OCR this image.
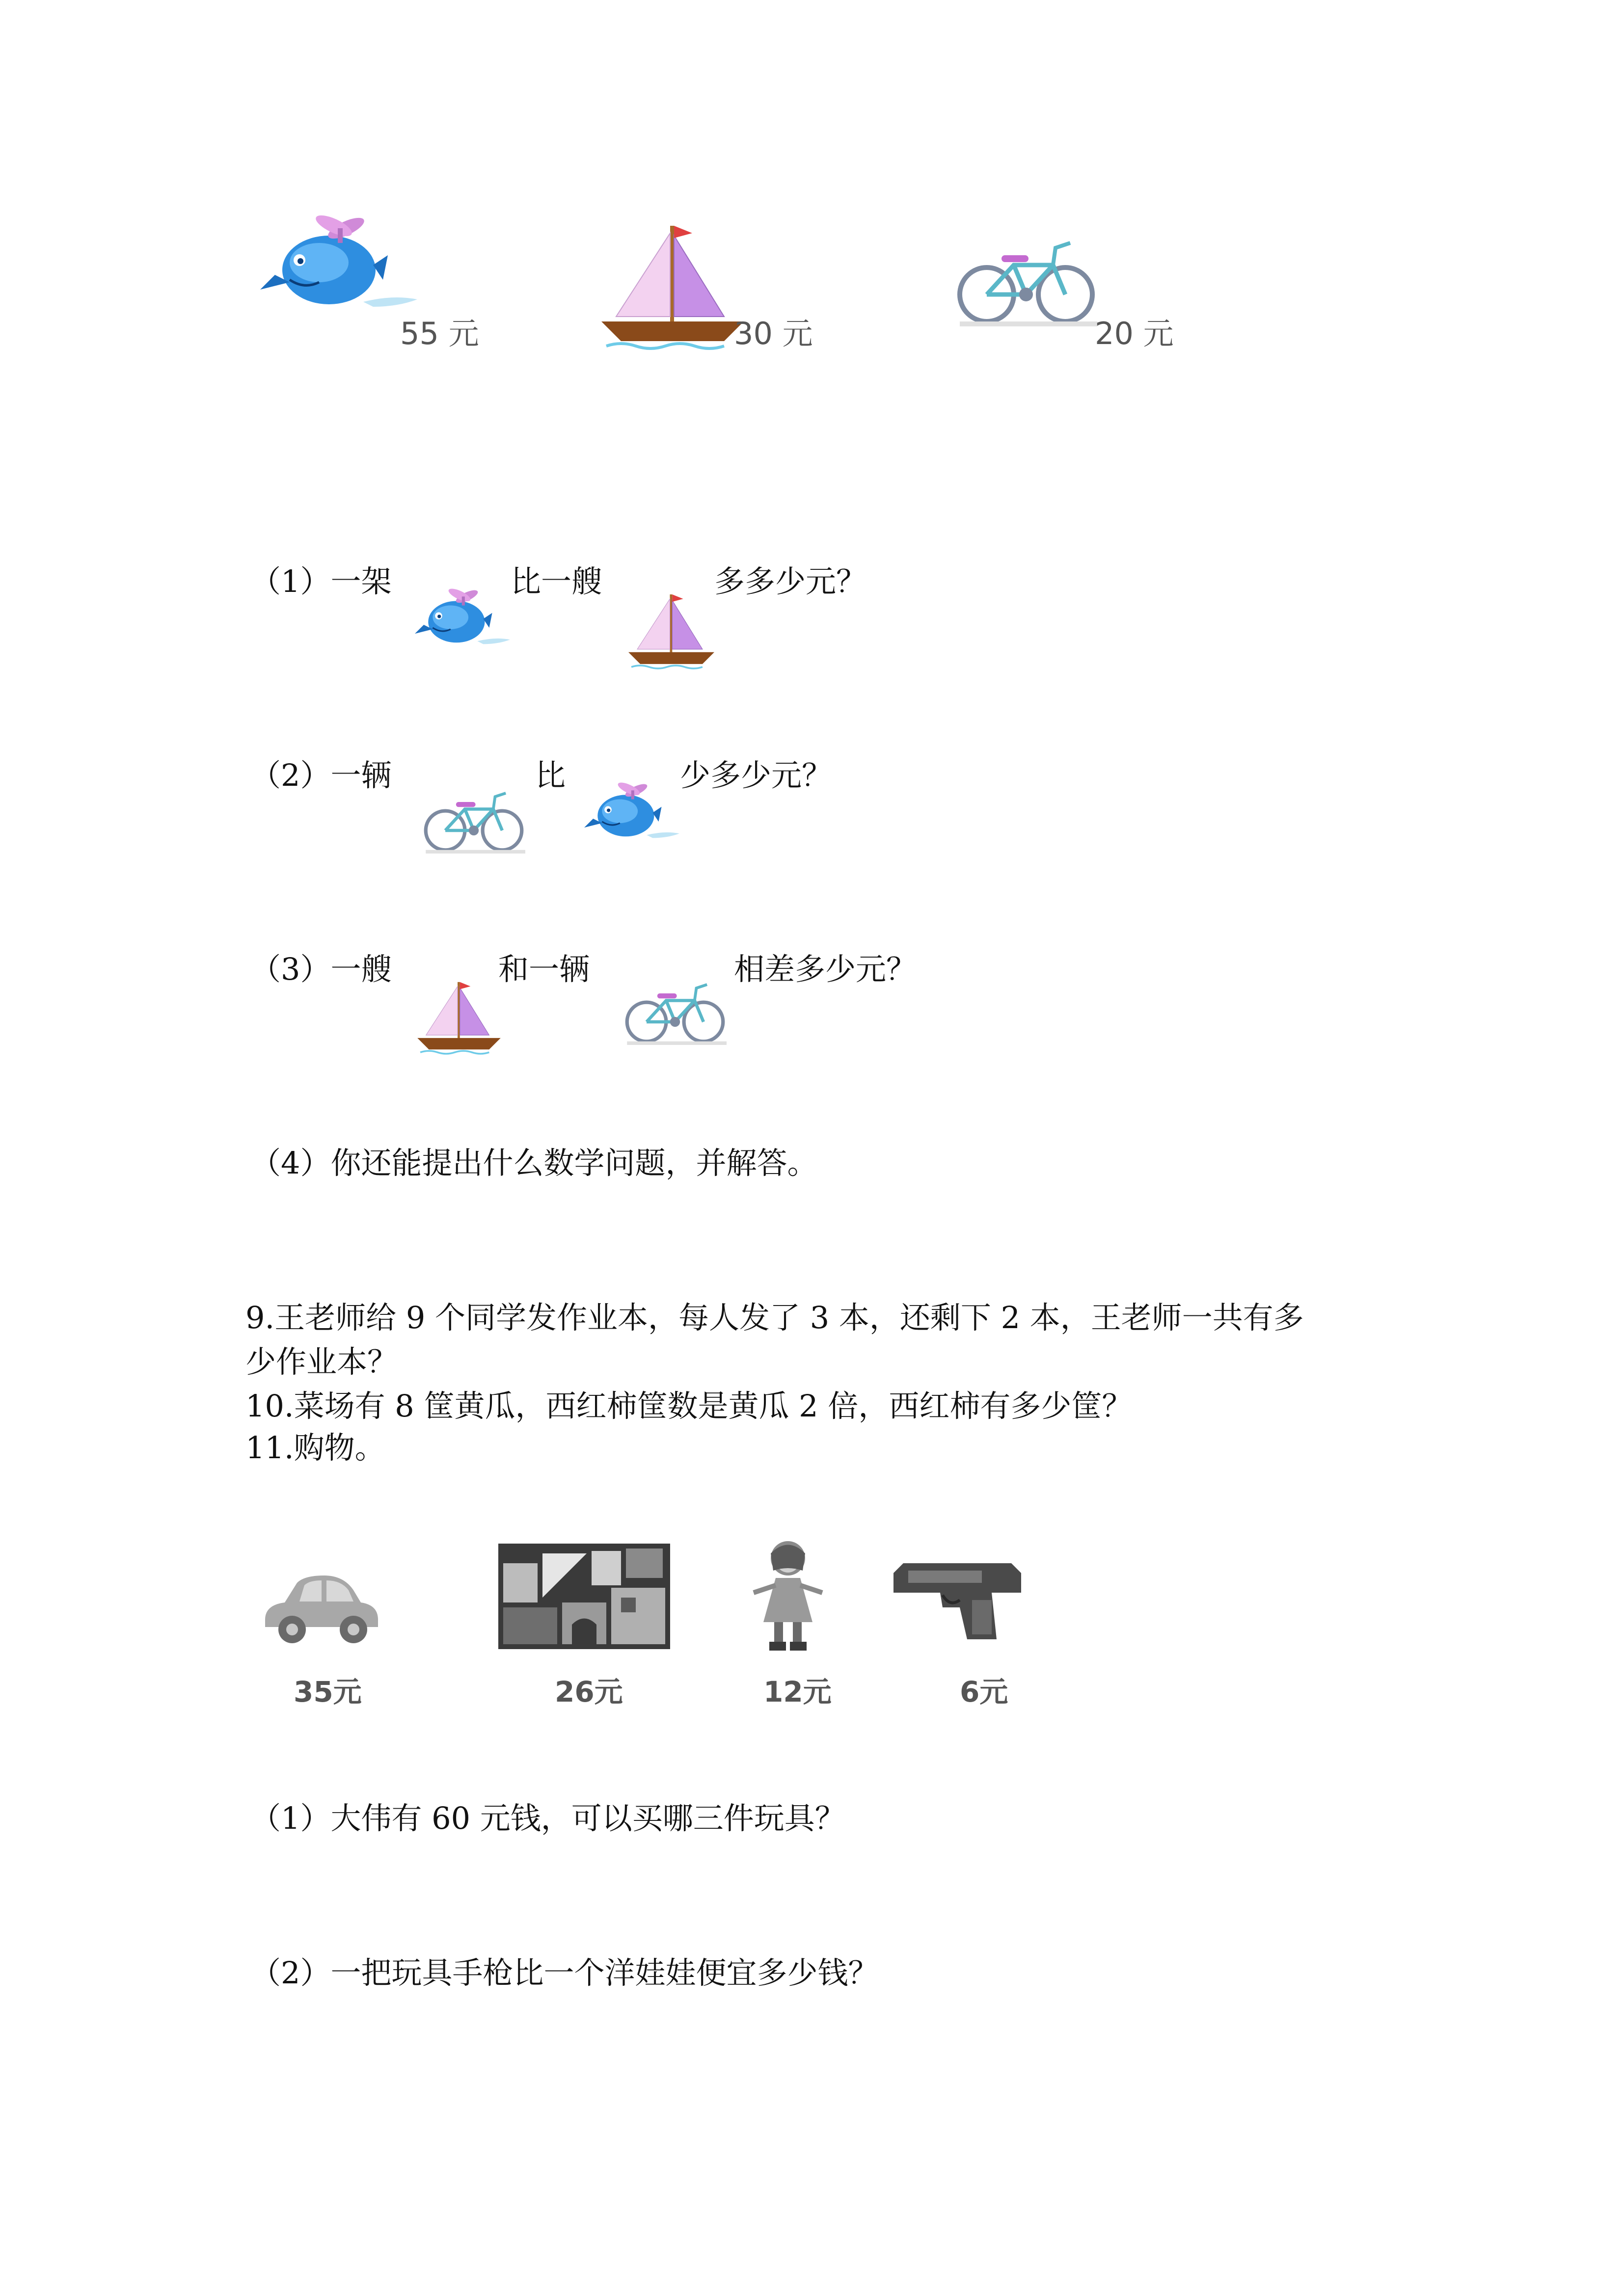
55 元	30 元	20 元
（1）一架	比一艘	多多少元？
（2）一辆	比	少多少元？
（3）一艘	和一辆	相差多少元？
（4）你还能提出什么数学问题，并解答。
9.王老师给 9 个同学发作业本，每人发了 3 本，还剩下 2 本，王老师一共有多
少作业本？
10.菜场有 8 筐黄瓜，西红柿筐数是黄瓜 2 倍，西红柿有多少筐？
11.购物。
35元	26元	12元	6元
（1）大伟有 60 元钱，可以买哪三件玩具？
（2）一把玩具手枪比一个洋娃娃便宜多少钱？
